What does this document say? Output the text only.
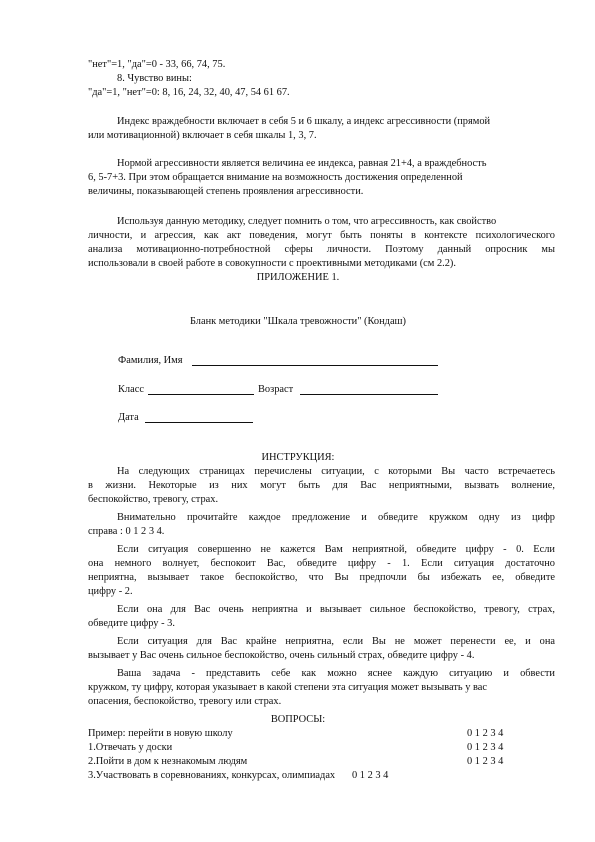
"нет"=1, "да"=0 - 33, 66, 74, 75.
8. Чувство вины:
"да"=1, "нет"=0: 8, 16, 24, 32, 40, 47, 54 61 67.
Индекс враждебности включает в себя 5 и 6 шкалу, а индекс агрессивности (прямой
или мотивационной) включает в себя шкалы 1, 3, 7.
Нормой агрессивности является величина ее индекса, равная 21+4, а враждебность
6, 5-7+3. При этом обращается внимание на возможность достижения определенной
величины, показывающей степень проявления агрессивности.
Используя данную методику, следует помнить о том, что агрессивность, как свойство
личности, и агрессия, как акт поведения, могут быть поняты в контексте психологического
анализа мотивационно-потребностной сферы личности. Поэтому данный опросник мы
использовали в своей работе в совокупности с проективными методиками (см 2.2).
ПРИЛОЖЕНИЕ 1.
Бланк методики "Шкала тревожности" (Кондаш)
Фамилия, Имя
Класс	Возраст
Дата
ИНСТРУКЦИЯ:
На следующих страницах перечислены ситуации, с которыми Вы часто встречаетесь
в жизни. Некоторые из них могут быть для Вас неприятными, вызвать волнение,
беспокойство, тревогу, страх.
Внимательно прочитайте каждое предложение и обведите кружком одну из цифр
справа : 0 1 2 3 4.
Если ситуация совершенно не кажется Вам неприятной, обведите цифру - 0. Если
она немного волнует, беспокоит Вас, обведите цифру - 1. Если ситуация достаточно
неприятна, вызывает такое беспокойство, что Вы предпочли бы избежать ее, обведите
цифру - 2.
Если она для Вас очень неприятна и вызывает сильное беспокойство, тревогу, страх,
обведите цифру - 3.
Если ситуация для Вас крайне неприятна, если Вы не может перенести ее, и она
вызывает у Вас очень сильное беспокойство, очень сильный страх, обведите цифру - 4.
Ваша задача - представить себе как можно яснее каждую ситуацию и обвести
кружком, ту цифру, которая указывает в какой степени эта ситуация может вызывать у вас
опасения, беспокойство, тревогу или страх.
ВОПРОСЫ:
Пример: перейти в новую школу	0 1 2 3 4
1.Отвечать у доски	0 1 2 3 4
2.Пойти в дом к незнакомым людям	0 1 2 3 4
3.Участвовать в соревнованиях, конкурсах, олимпиадах 0 1 2 3 4
